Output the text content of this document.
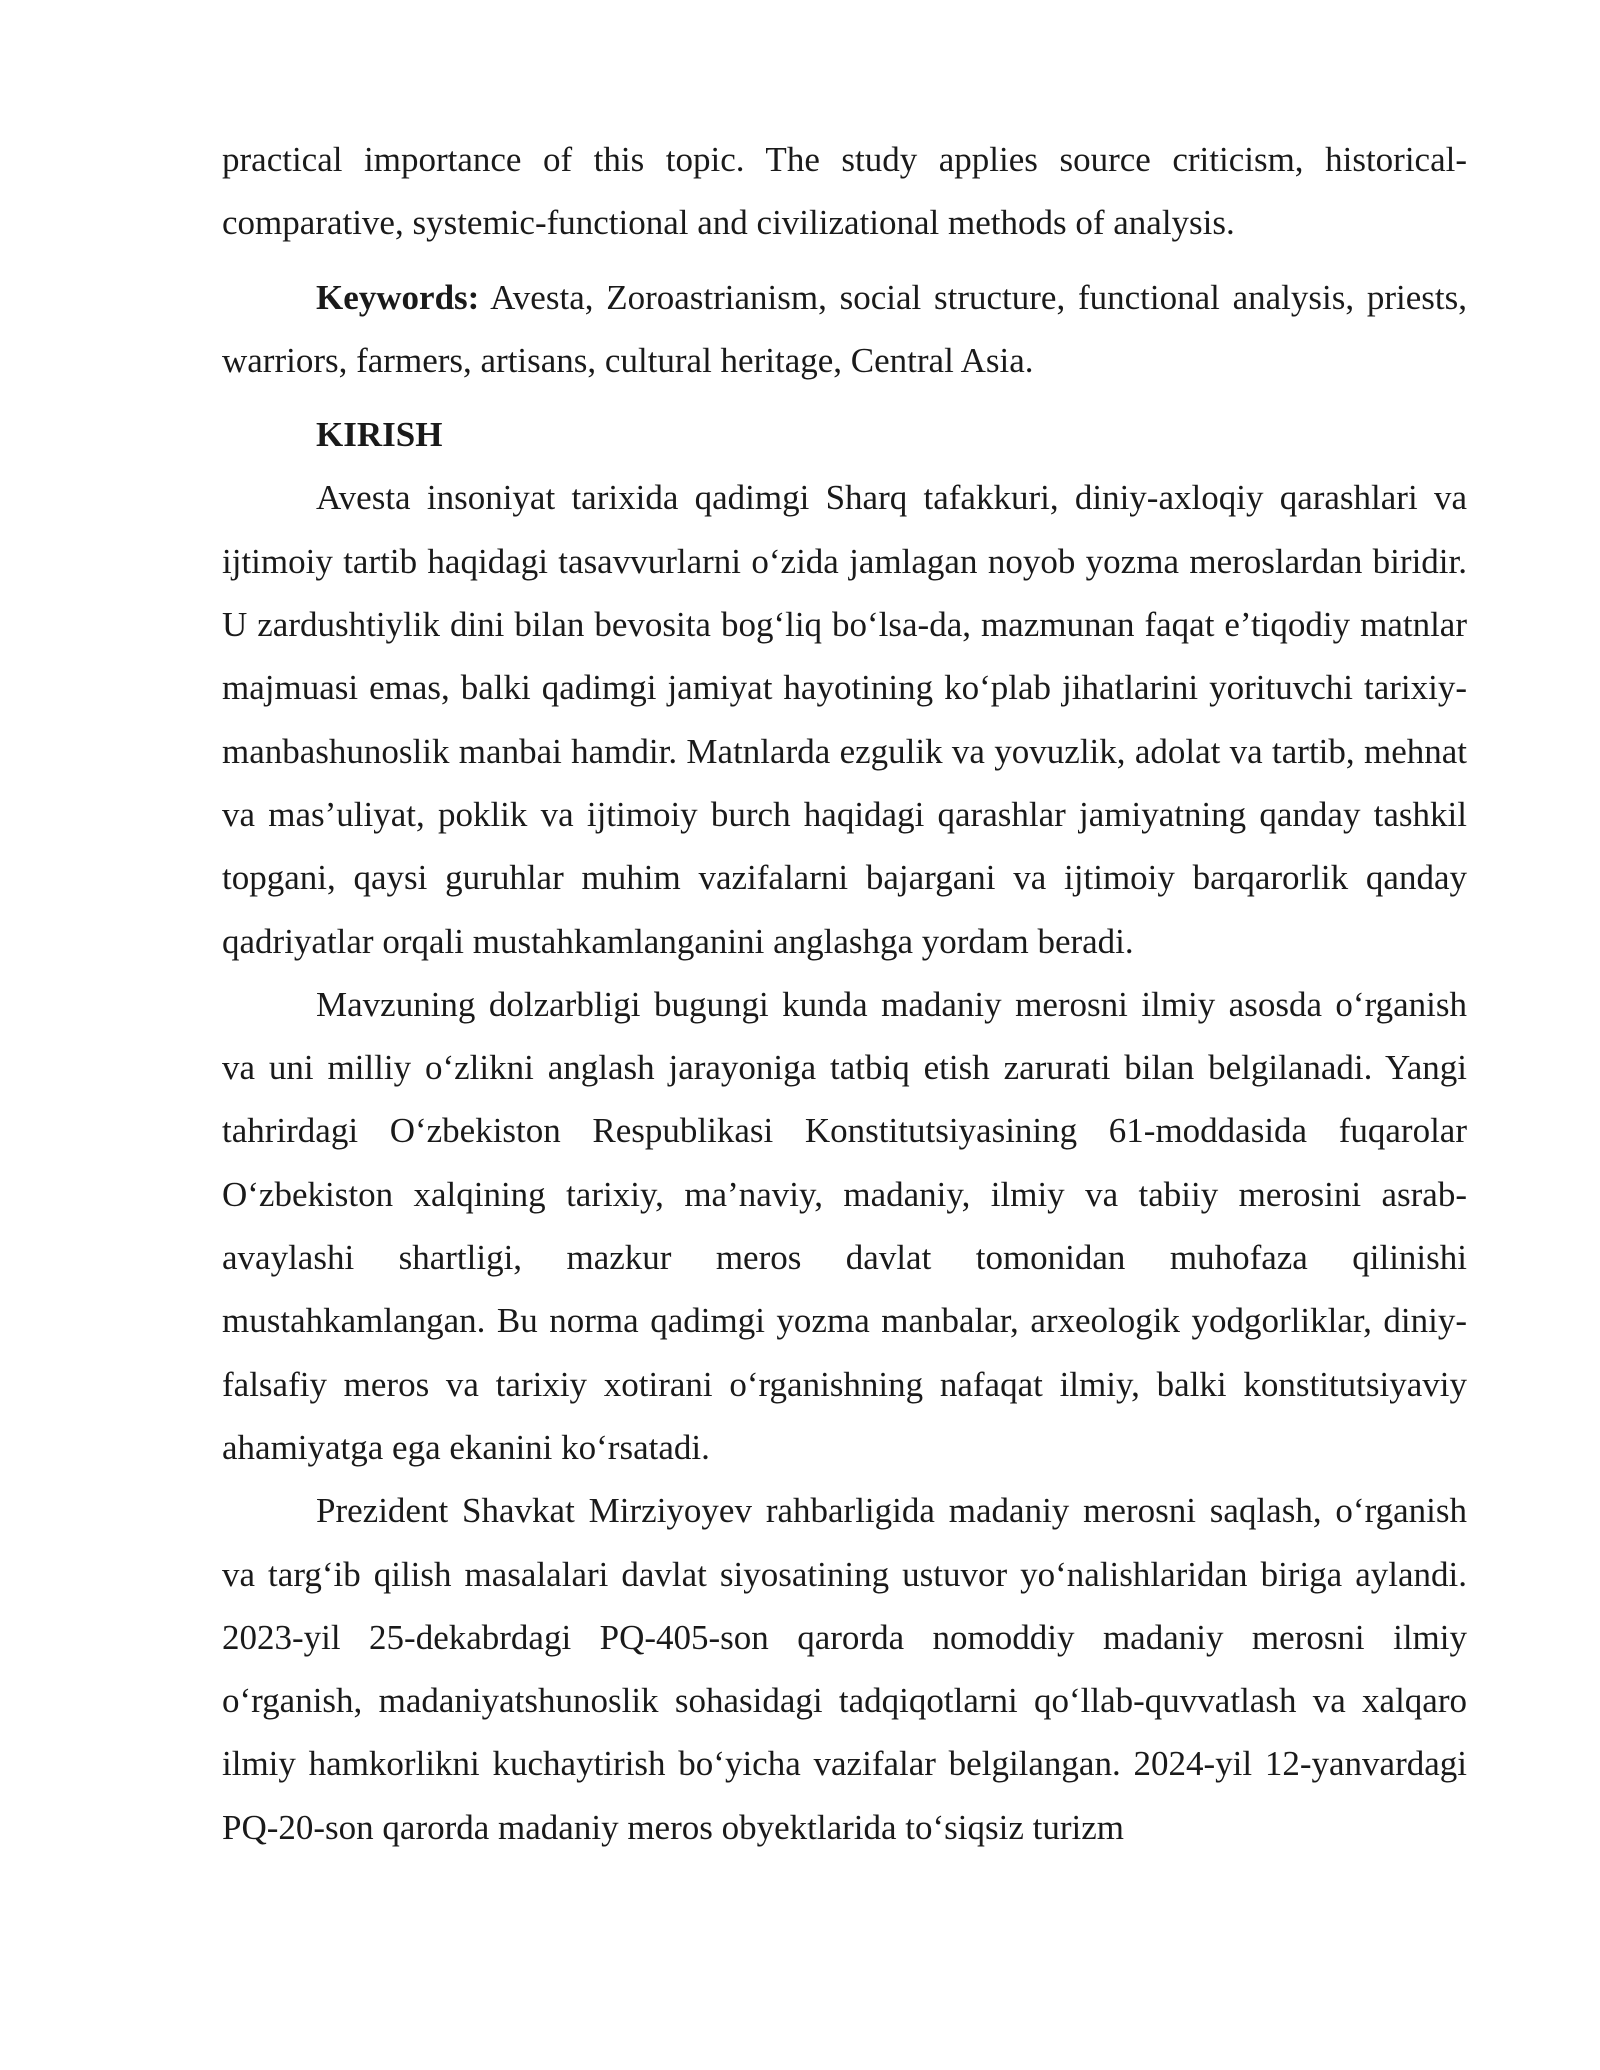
practical importance of this topic. The study applies source criticism, historical-comparative, systemic-functional and civilizational methods of analysis.

Keywords: Avesta, Zoroastrianism, social structure, functional analysis, priests, warriors, farmers, artisans, cultural heritage, Central Asia.

KIRISH

Avesta insoniyat tarixida qadimgi Sharq tafakkuri, diniy-axloqiy qarashlari va ijtimoiy tartib haqidagi tasavvurlarni o‘zida jamlagan noyob yozma meroslardan biridir. U zardushtiylik dini bilan bevosita bog‘liq bo‘lsa-da, mazmunan faqat e’tiqodiy matnlar majmuasi emas, balki qadimgi jamiyat hayotining ko‘plab jihatlarini yorituvchi tarixiy-manbashunoslik manbai hamdir. Matnlarda ezgulik va yovuzlik, adolat va tartib, mehnat va mas’uliyat, poklik va ijtimoiy burch haqidagi qarashlar jamiyatning qanday tashkil topgani, qaysi guruhlar muhim vazifalarni bajargani va ijtimoiy barqarorlik qanday qadriyatlar orqali mustahkamlanganini anglashga yordam beradi.

Mavzuning dolzarbligi bugungi kunda madaniy merosni ilmiy asosda o‘rganish va uni milliy o‘zlikni anglash jarayoniga tatbiq etish zarurati bilan belgilanadi. Yangi tahrirdagi O‘zbekiston Respublikasi Konstitutsiyasining 61-moddasida fuqarolar O‘zbekiston xalqining tarixiy, ma’naviy, madaniy, ilmiy va tabiiy merosini asrab-avaylashi shartligi, mazkur meros davlat tomonidan muhofaza qilinishi mustahkamlangan. Bu norma qadimgi yozma manbalar, arxeologik yodgorliklar, diniy-falsafiy meros va tarixiy xotirani o‘rganishning nafaqat ilmiy, balki konstitutsiyaviy ahamiyatga ega ekanini ko‘rsatadi.

Prezident Shavkat Mirziyoyev rahbarligida madaniy merosni saqlash, o‘rganish va targ‘ib qilish masalalari davlat siyosatining ustuvor yo‘nalishlaridan biriga aylandi. 2023-yil 25-dekabrdagi PQ-405-son qarorda nomoddiy madaniy merosni ilmiy o‘rganish, madaniyatshunoslik sohasidagi tadqiqotlarni qo‘llab-quvvatlash va xalqaro ilmiy hamkorlikni kuchaytirish bo‘yicha vazifalar belgilangan. 2024-yil 12-yanvardagi PQ-20-son qarorda madaniy meros obyektlarida to‘siqsiz turizm
